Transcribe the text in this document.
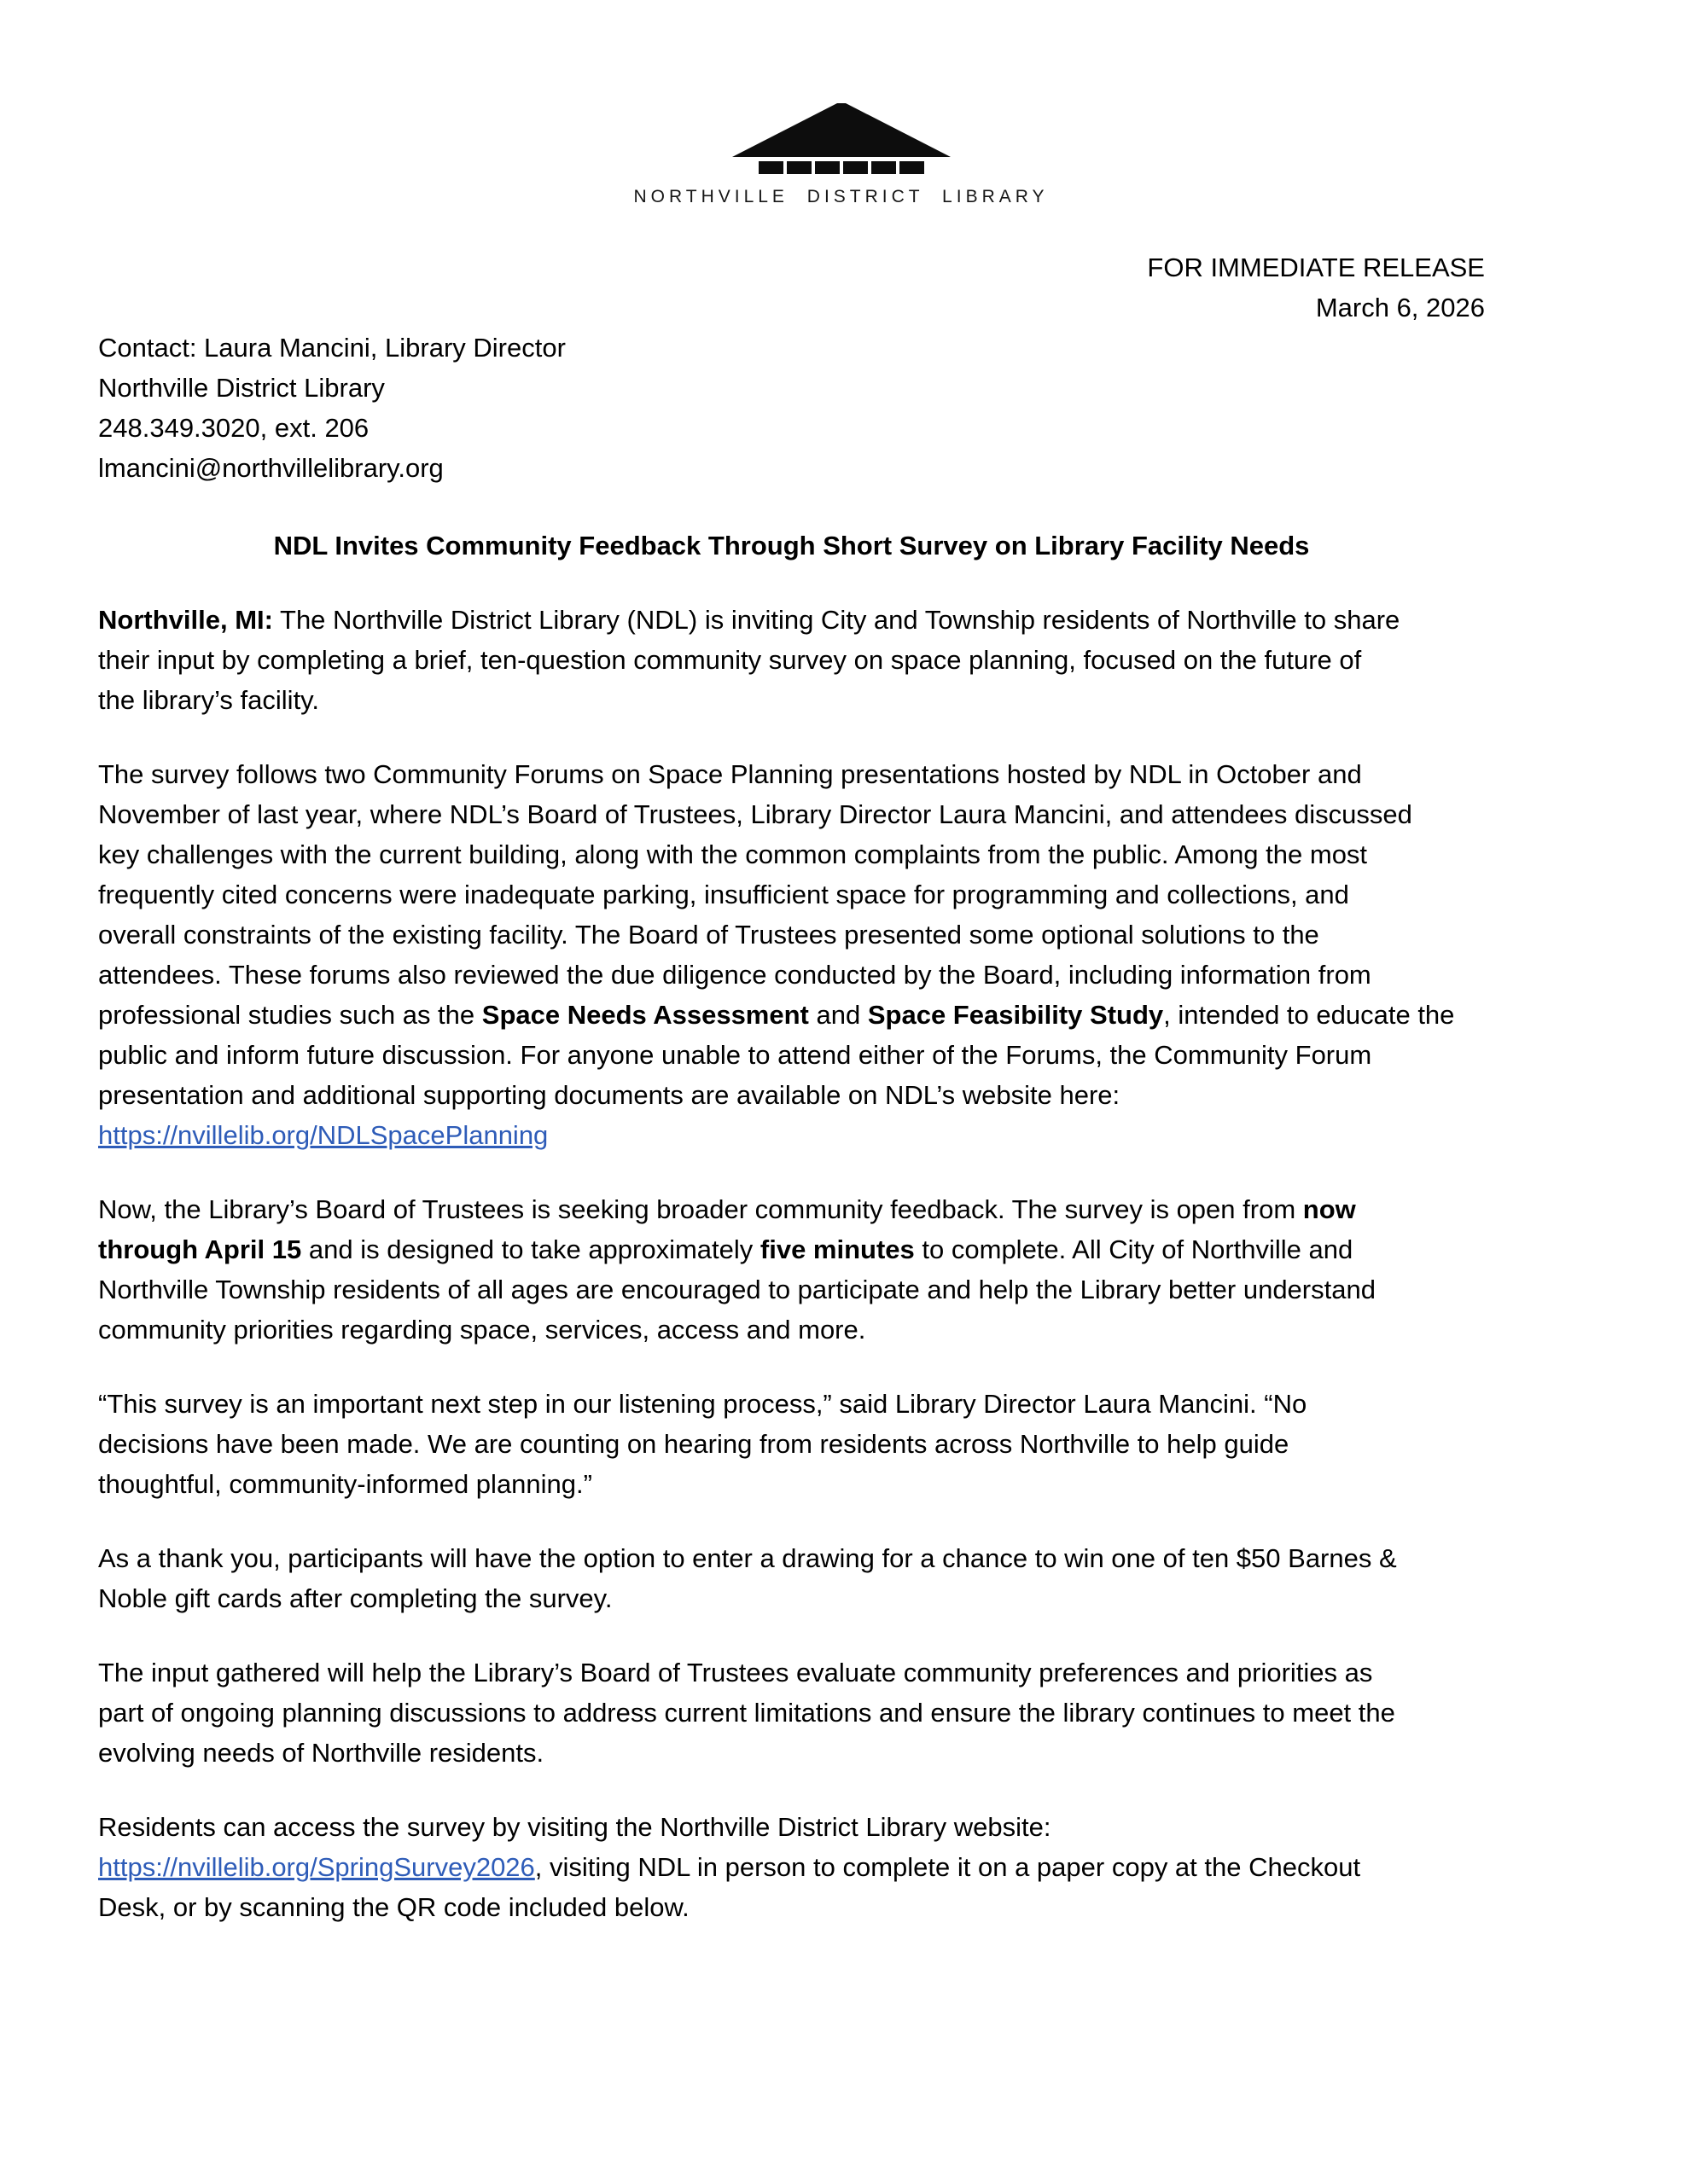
NORTHVILLE DISTRICT LIBRARY
FOR IMMEDIATE RELEASE
March 6, 2026
Contact: Laura Mancini, Library Director
Northville District Library
248.349.3020, ext. 206
lmancini@northvillelibrary.org
NDL Invites Community Feedback Through Short Survey on Library Facility Needs

Northville, MI: The Northville District Library (NDL) is inviting City and Township residents of Northville to share
their input by completing a brief, ten-question community survey on space planning, focused on the future of
the library’s facility.

The survey follows two Community Forums on Space Planning presentations hosted by NDL in October and
November of last year, where NDL’s Board of Trustees, Library Director Laura Mancini, and attendees discussed
key challenges with the current building, along with the common complaints from the public. Among the most
frequently cited concerns were inadequate parking, insufficient space for programming and collections, and
overall constraints of the existing facility. The Board of Trustees presented some optional solutions to the
attendees. These forums also reviewed the due diligence conducted by the Board, including information from
professional studies such as the Space Needs Assessment and Space Feasibility Study, intended to educate the
public and inform future discussion. For anyone unable to attend either of the Forums, the Community Forum
presentation and additional supporting documents are available on NDL’s website here:
https://nvillelib.org/NDLSpacePlanning

Now, the Library’s Board of Trustees is seeking broader community feedback. The survey is open from now
through April 15 and is designed to take approximately five minutes to complete. All City of Northville and
Northville Township residents of all ages are encouraged to participate and help the Library better understand
community priorities regarding space, services, access and more.

“This survey is an important next step in our listening process,” said Library Director Laura Mancini. “No
decisions have been made. We are counting on hearing from residents across Northville to help guide
thoughtful, community-informed planning.”

As a thank you, participants will have the option to enter a drawing for a chance to win one of ten $50 Barnes &
Noble gift cards after completing the survey.

The input gathered will help the Library’s Board of Trustees evaluate community preferences and priorities as
part of ongoing planning discussions to address current limitations and ensure the library continues to meet the
evolving needs of Northville residents.

Residents can access the survey by visiting the Northville District Library website:
https://nvillelib.org/SpringSurvey2026, visiting NDL in person to complete it on a paper copy at the Checkout
Desk, or by scanning the QR code included below.
